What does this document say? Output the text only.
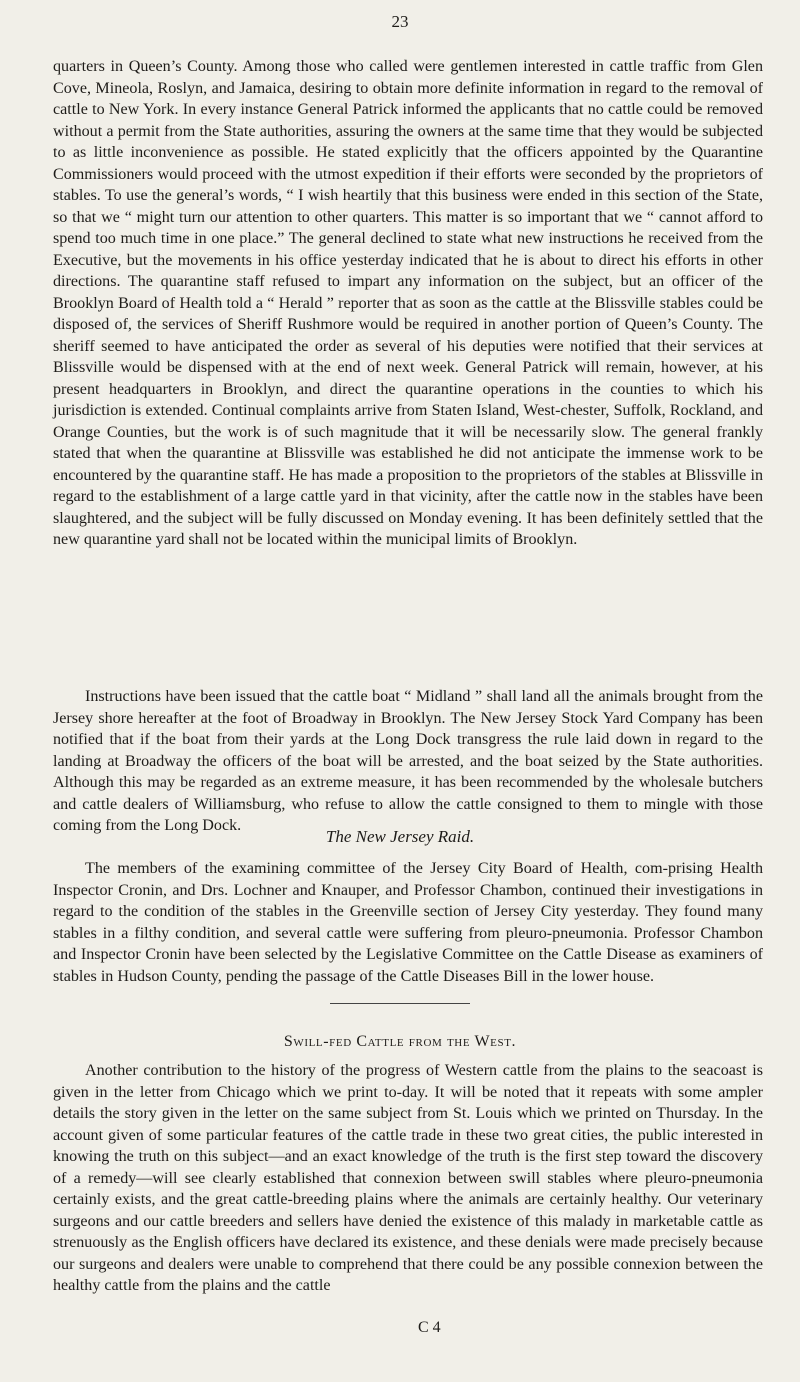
23

quarters in Queen’s County. Among those who called were gentlemen interested in cattle traffic from Glen Cove, Mineola, Roslyn, and Jamaica, desiring to obtain more definite information in regard to the removal of cattle to New York. In every instance General Patrick informed the applicants that no cattle could be removed without a permit from the State authorities, assuring the owners at the same time that they would be subjected to as little inconvenience as possible. He stated explicitly that the officers appointed by the Quarantine Commissioners would proceed with the utmost expedition if their efforts were seconded by the proprietors of stables. To use the general’s words, “ I wish heartily that this business were ended in this section of the State, so that we “ might turn our attention to other quarters. This matter is so important that we “ cannot afford to spend too much time in one place.” The general declined to state what new instructions he received from the Executive, but the movements in his office yesterday indicated that he is about to direct his efforts in other directions. The quarantine staff refused to impart any information on the subject, but an officer of the Brooklyn Board of Health told a “ Herald ” reporter that as soon as the cattle at the Blissville stables could be disposed of, the services of Sheriff Rushmore would be required in another portion of Queen’s County. The sheriff seemed to have anticipated the order as several of his deputies were notified that their services at Blissville would be dispensed with at the end of next week. General Patrick will remain, however, at his present headquarters in Brooklyn, and direct the quarantine operations in the counties to which his jurisdiction is extended. Continual complaints arrive from Staten Island, West-chester, Suffolk, Rockland, and Orange Counties, but the work is of such magnitude that it will be necessarily slow. The general frankly stated that when the quarantine at Blissville was established he did not anticipate the immense work to be encountered by the quarantine staff. He has made a proposition to the proprietors of the stables at Blissville in regard to the establishment of a large cattle yard in that vicinity, after the cattle now in the stables have been slaughtered, and the subject will be fully discussed on Monday evening. It has been definitely settled that the new quarantine yard shall not be located within the municipal limits of Brooklyn.

Instructions have been issued that the cattle boat “ Midland ” shall land all the animals brought from the Jersey shore hereafter at the foot of Broadway in Brooklyn. The New Jersey Stock Yard Company has been notified that if the boat from their yards at the Long Dock transgress the rule laid down in regard to the landing at Broadway the officers of the boat will be arrested, and the boat seized by the State authorities. Although this may be regarded as an extreme measure, it has been recommended by the wholesale butchers and cattle dealers of Williamsburg, who refuse to allow the cattle consigned to them to mingle with those coming from the Long Dock.

The New Jersey Raid.

The members of the examining committee of the Jersey City Board of Health, com-prising Health Inspector Cronin, and Drs. Lochner and Knauper, and Professor Chambon, continued their investigations in regard to the condition of the stables in the Greenville section of Jersey City yesterday. They found many stables in a filthy condition, and several cattle were suffering from pleuro-pneumonia. Professor Chambon and Inspector Cronin have been selected by the Legislative Committee on the Cattle Disease as examiners of stables in Hudson County, pending the passage of the Cattle Diseases Bill in the lower house.

Swill-fed Cattle from the West.

Another contribution to the history of the progress of Western cattle from the plains to the seacoast is given in the letter from Chicago which we print to-day. It will be noted that it repeats with some ampler details the story given in the letter on the same subject from St. Louis which we printed on Thursday. In the account given of some particular features of the cattle trade in these two great cities, the public interested in knowing the truth on this subject—and an exact knowledge of the truth is the first step toward the discovery of a remedy—will see clearly established that connexion between swill stables where pleuro-pneumonia certainly exists, and the great cattle-breeding plains where the animals are certainly healthy. Our veterinary surgeons and our cattle breeders and sellers have denied the existence of this malady in marketable cattle as strenuously as the English officers have declared its existence, and these denials were made precisely because our surgeons and dealers were unable to comprehend that there could be any possible connexion between the healthy cattle from the plains and the cattle

C 4
